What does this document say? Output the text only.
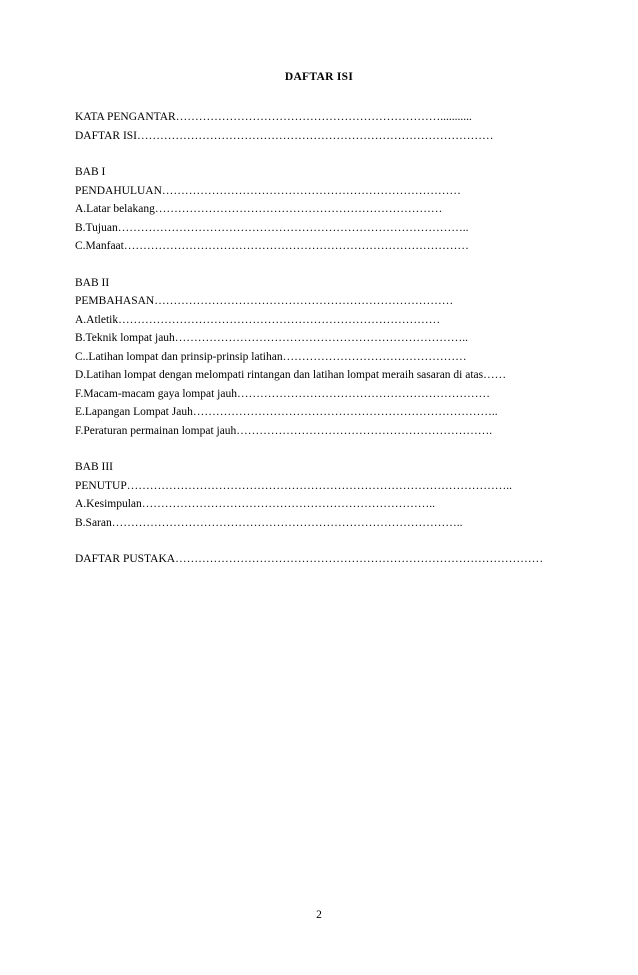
DAFTAR ISI
KATA PENGANTAR……………………………………………………………...........
DAFTAR ISI…………………………………………………………………………………
BAB I
PENDAHULUAN……………………………………………………………………
A.Latar belakang…………………………………………………………………
B.Tujuan………………………………………………………………………………..
C.Manfaat………………………………………………………………………………
BAB II
PEMBAHASAN……………………………………………………………………
A.Atletik…………………………………………………………………………
B.Teknik lompat jauh…………………………………………………………………..
C..Latihan lompat dan prinsip-prinsip latihan…………………………………………
D.Latihan lompat dengan melompati rintangan dan latihan lompat meraih sasaran di atas……
F.Macam-macam gaya lompat jauh…………………………………………………………
E.Lapangan Lompat Jauh……………………………………………………………………..
F.Peraturan permainan lompat jauh………………………………………………………….
BAB III
PENUTUP………………………………………………………………………………………..
A.Kesimpulan…………………………………………………………………..
B.Saran………………………………………………………………………………..
DAFTAR PUSTAKA……………………………………………………………………………………
2
